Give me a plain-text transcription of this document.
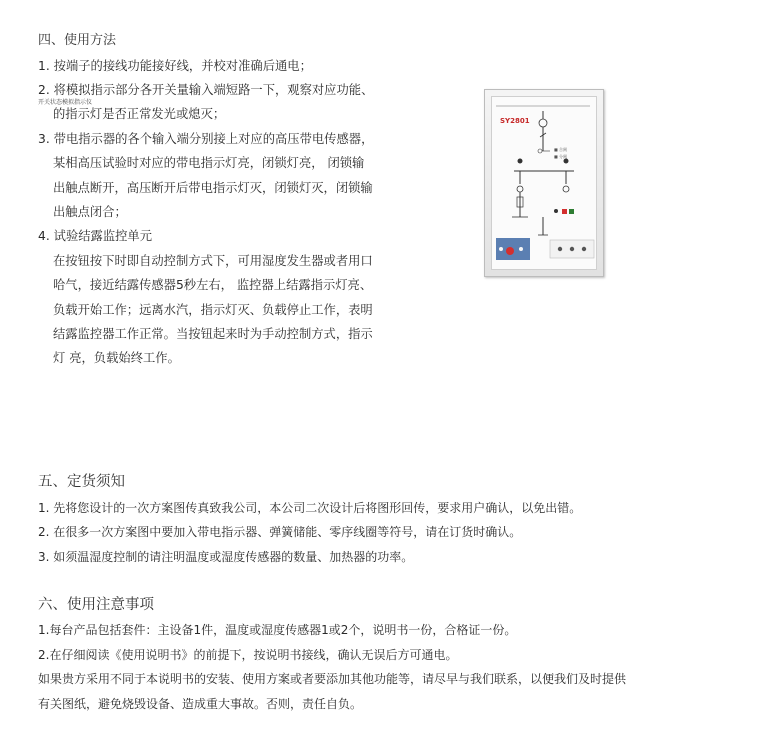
四、使用方法
1. 按端子的接线功能接好线，并校对准确后通电；
2. 将模拟指示部分各开关量输入端短路一下，观察对应功能、
的指示灯是否正常发光或熄灭；
3. 带电指示器的各个输入端分别接上对应的高压带电传感器，
某相高压试验时对应的带电指示灯亮，闭锁灯亮， 闭锁输
出触点断开，高压断开后带电指示灯灭，闭锁灯灭，闭锁输
出触点闭合；
4. 试验结露监控单元
在按钮按下时即自动控制方式下，可用湿度发生器或者用口
哈气，接近结露传感器5秒左右， 监控器上结露指示灯亮、
负载开始工作；远离水汽，指示灯灭、负载停止工作，表明
结露监控器工作正常。当按钮起来时为手动控制方式，指示
灯 亮，负载始终工作。
开关状态模拟指示仪
SY2801
■ 合闸
■ 分闸
五、定货须知
1. 先将您设计的一次方案图传真致我公司，本公司二次设计后将图形回传，要求用户确认，以免出错。
2. 在很多一次方案图中要加入带电指示器、弹簧储能、零序线圈等符号，请在订货时确认。
3. 如须温湿度控制的请注明温度或湿度传感器的数量、加热器的功率。
六、使用注意事项
1.每台产品包括套件：主设备1件，温度或湿度传感器1或2个，说明书一份，合格证一份。
2.在仔细阅读《使用说明书》的前提下，按说明书接线，确认无误后方可通电。
如果贵方采用不同于本说明书的安装、使用方案或者要添加其他功能等，请尽早与我们联系，以便我们及时提供
有关图纸，避免烧毁设备、造成重大事故。否则，责任自负。
